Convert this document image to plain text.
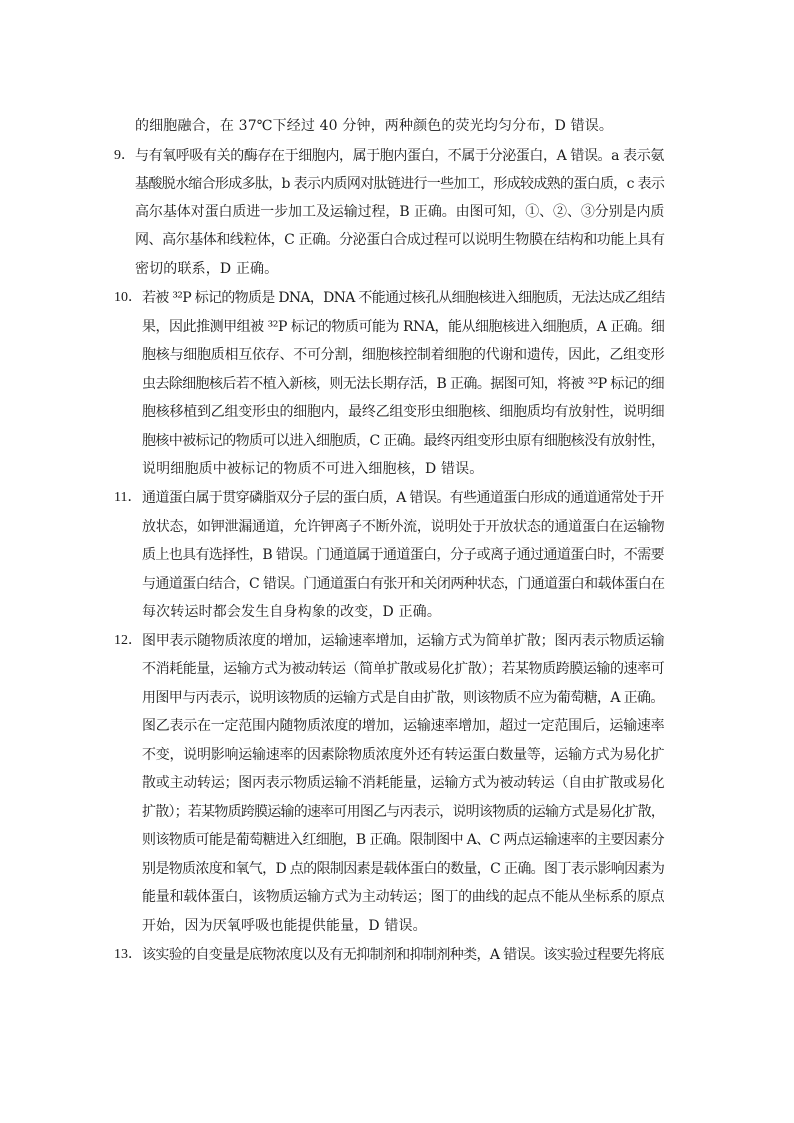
的细胞融合，在 37℃下经过 40 分钟，两种颜色的荧光均匀分布，D 错误。
9． 与有氧呼吸有关的酶存在于细胞内，属于胞内蛋白，不属于分泌蛋白，A 错误。a 表示氨
基酸脱水缩合形成多肽，b 表示内质网对肽链进行一些加工，形成较成熟的蛋白质，c 表示
高尔基体对蛋白质进一步加工及运输过程，B 正确。由图可知，①、②、③分别是内质
网、高尔基体和线粒体，C 正确。分泌蛋白合成过程可以说明生物膜在结构和功能上具有
密切的联系，D 正确。
10． 若被 ³²P 标记的物质是 DNA，DNA 不能通过核孔从细胞核进入细胞质，无法达成乙组结
果，因此推测甲组被 ³²P 标记的物质可能为 RNA，能从细胞核进入细胞质，A 正确。细
胞核与细胞质相互依存、不可分割，细胞核控制着细胞的代谢和遗传，因此，乙组变形
虫去除细胞核后若不植入新核，则无法长期存活，B 正确。据图可知，将被 ³²P 标记的细
胞核移植到乙组变形虫的细胞内，最终乙组变形虫细胞核、细胞质均有放射性，说明细
胞核中被标记的物质可以进入细胞质，C 正确。最终丙组变形虫原有细胞核没有放射性，
说明细胞质中被标记的物质不可进入细胞核，D 错误。
11． 通道蛋白属于贯穿磷脂双分子层的蛋白质，A 错误。有些通道蛋白形成的通道通常处于开
放状态，如钾泄漏通道，允许钾离子不断外流，说明处于开放状态的通道蛋白在运输物
质上也具有选择性，B 错误。门通道属于通道蛋白，分子或离子通过通道蛋白时，不需要
与通道蛋白结合，C 错误。门通道蛋白有张开和关闭两种状态，门通道蛋白和载体蛋白在
每次转运时都会发生自身构象的改变，D 正确。
12． 图甲表示随物质浓度的增加，运输速率增加，运输方式为简单扩散；图丙表示物质运输
不消耗能量，运输方式为被动转运（简单扩散或易化扩散）；若某物质跨膜运输的速率可
用图甲与丙表示，说明该物质的运输方式是自由扩散，则该物质不应为葡萄糖，A 正确。
图乙表示在一定范围内随物质浓度的增加，运输速率增加，超过一定范围后，运输速率
不变，说明影响运输速率的因素除物质浓度外还有转运蛋白数量等，运输方式为易化扩
散或主动转运；图丙表示物质运输不消耗能量，运输方式为被动转运（自由扩散或易化
扩散）；若某物质跨膜运输的速率可用图乙与丙表示，说明该物质的运输方式是易化扩散，
则该物质可能是葡萄糖进入红细胞，B 正确。限制图中 A、C 两点运输速率的主要因素分
别是物质浓度和氧气，D 点的限制因素是载体蛋白的数量，C 正确。图丁表示影响因素为
能量和载体蛋白，该物质运输方式为主动转运；图丁的曲线的起点不能从坐标系的原点
开始，因为厌氧呼吸也能提供能量，D 错误。
13． 该实验的自变量是底物浓度以及有无抑制剂和抑制剂种类，A 错误。该实验过程要先将底
